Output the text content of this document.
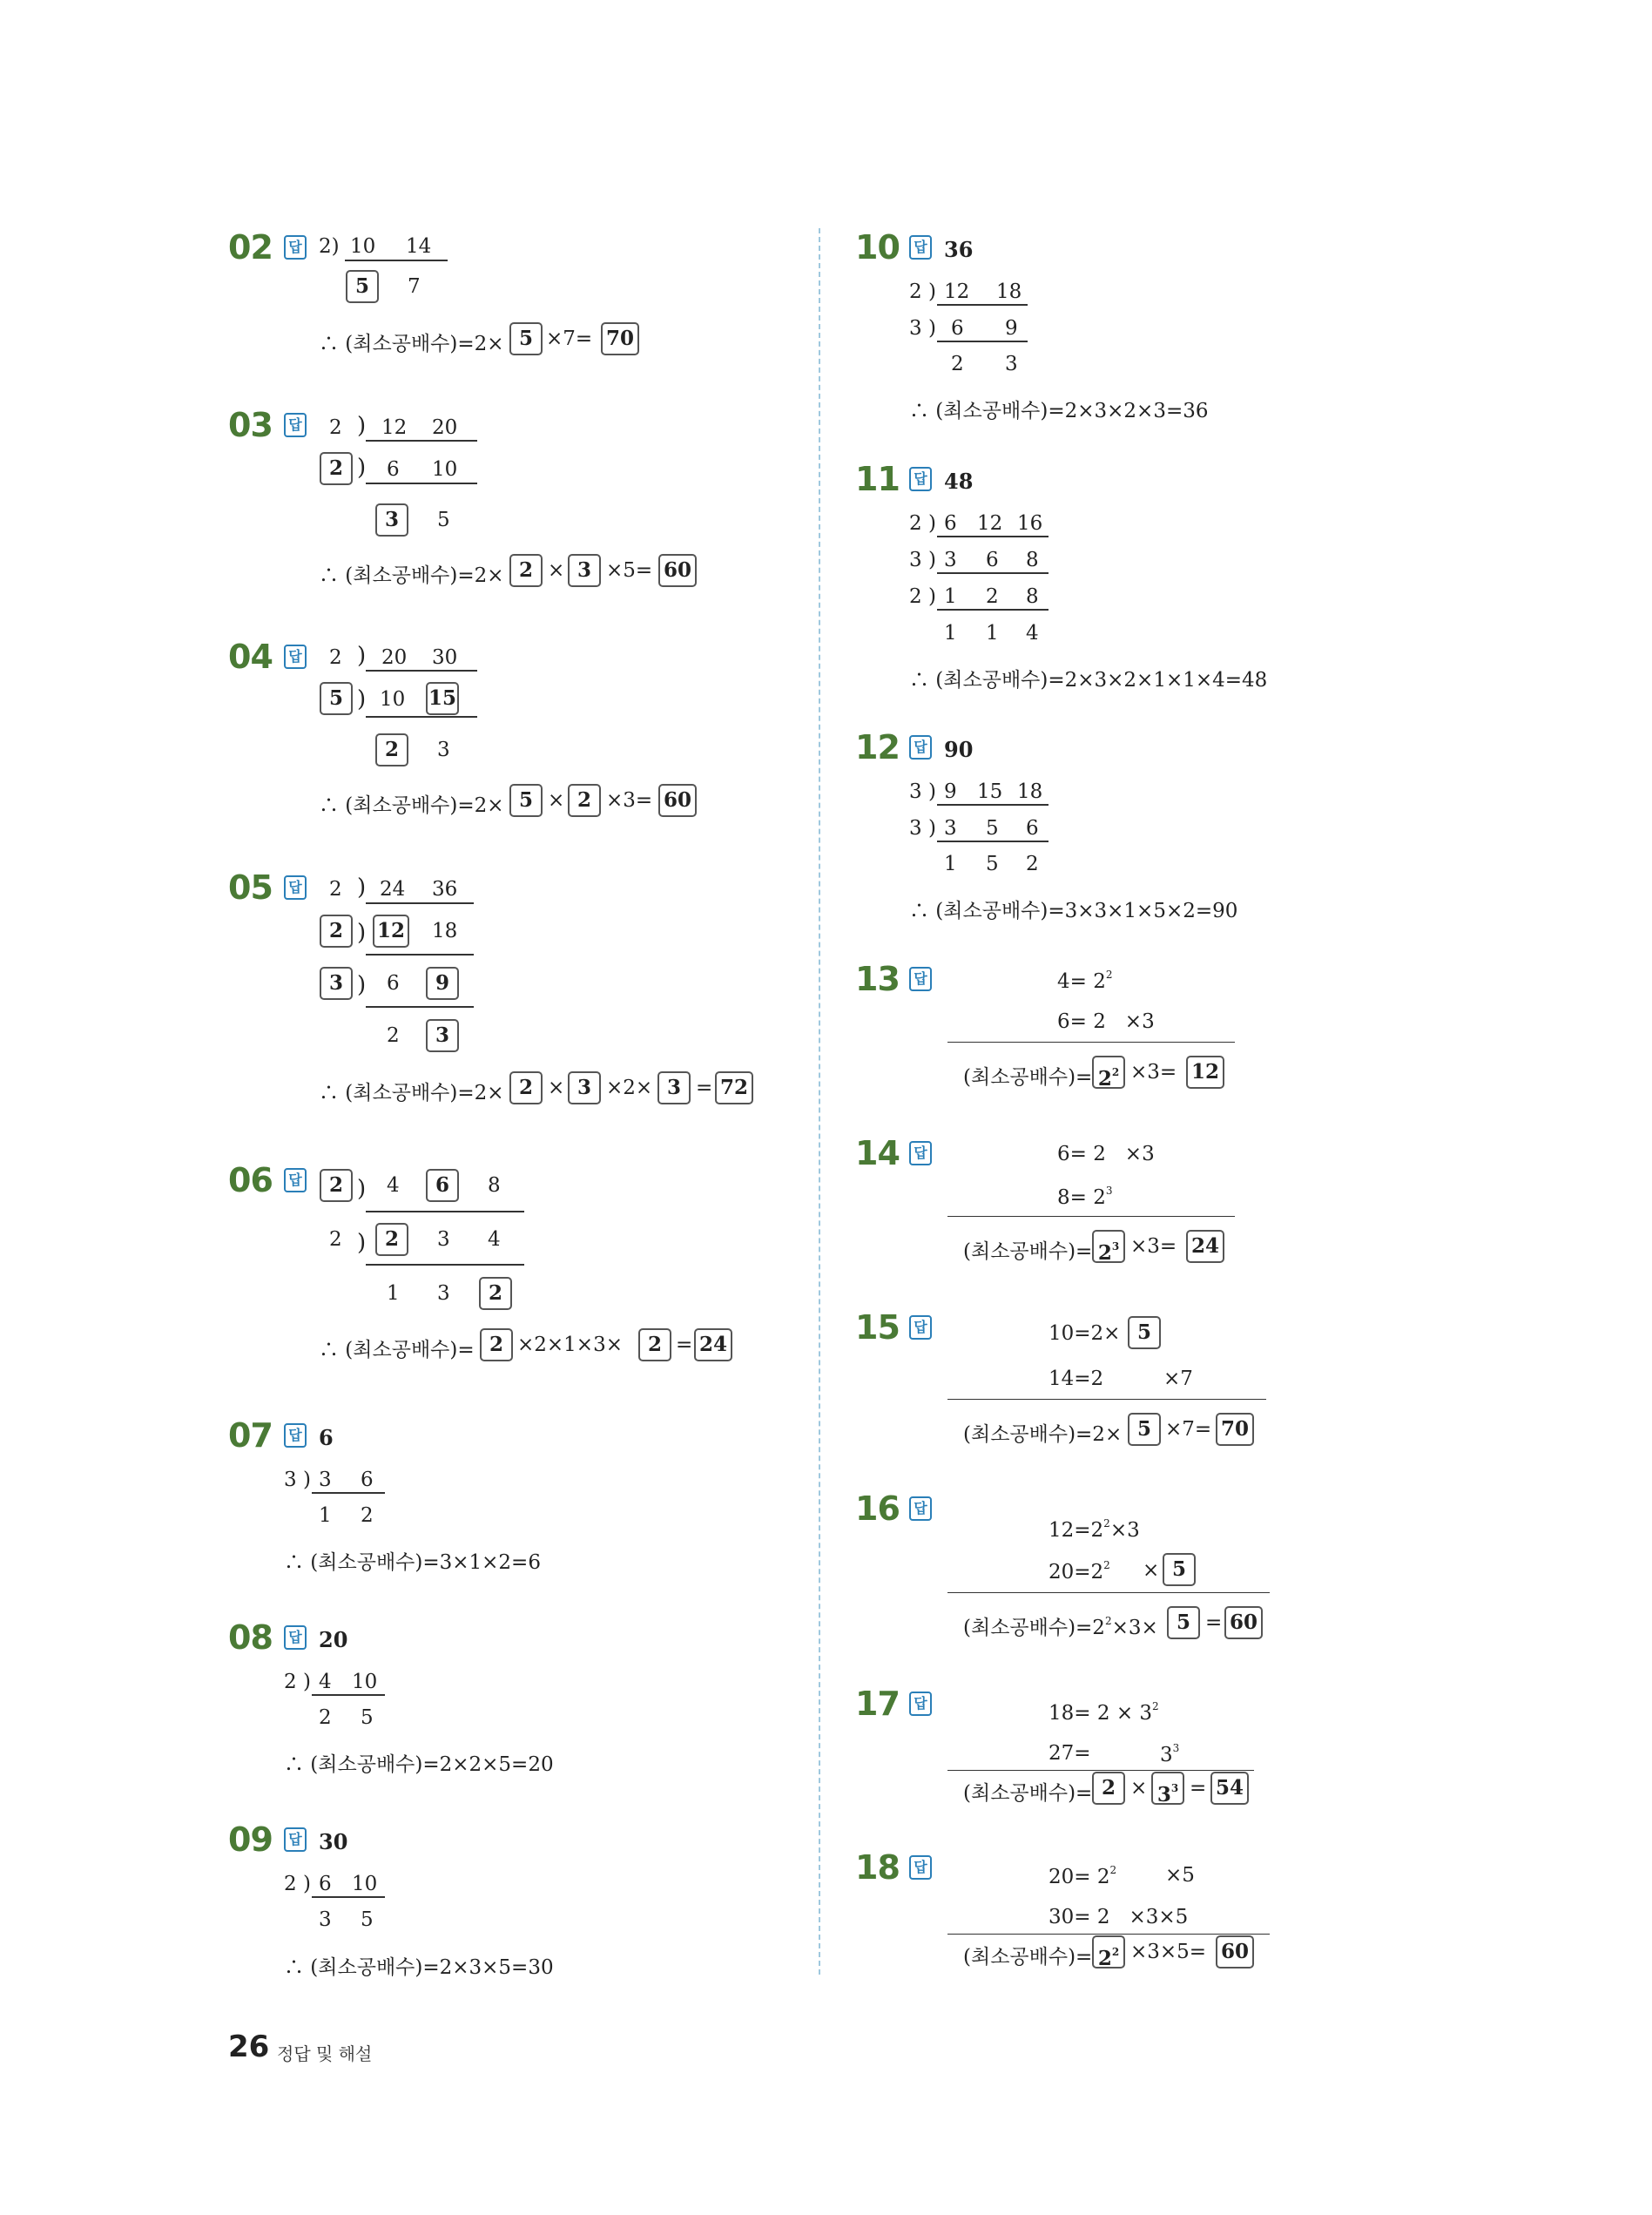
02	답 2) 10 14
5	7
∴ (최소공배수)=2× 5 ×7= 70
03	답 2 ) 12 20
2 ) 6 10
3	5
∴ (최소공배수)=2× 2 × 3 ×5= 60
04	답 2 ) 20 30
5 ) 10 15
2	3
∴ (최소공배수)=2× 5 × 2 ×3= 60
05	답 2 ) 24 36
2 ) 12 18
3 ) 6	9
2	3
∴ (최소공배수)=2× 2 × 3 ×2× 3 = 72
06	답	2 ) 4	6	8
2 ) 2	3 4
1 3	2
∴ (최소공배수)= 2 ×2×1×3×	2 = 24
07	답 6
3 ) 3 6
1 2
∴ (최소공배수)=3×1×2=6
08	답 20
2 ) 4 10
2 5
∴ (최소공배수)=2×2×5=20
09	답 30
2 ) 6 10
3 5
∴ (최소공배수)=2×3×5=30
10	답 36
2 ) 12 18
3 ) 6 9
2 3
∴ (최소공배수)=2×3×2×3=36
11	답 48
2 ) 6 12 16
3 ) 3 6 8
2 ) 1 2 8
1 1 4
∴ (최소공배수)=2×3×2×1×1×4=48
12	답 90
3 ) 9 15 18
3 ) 3 5 6
1 5 2
∴ (최소공배수)=3×3×1×5×2=90
13	답	$4= 2^2$
6= 2 ×3
(최소공배수)= $2^2 \times 3= 12$
14	답	6= 2 ×3
$8= 2^3$
(최소공배수)= $2^3 \times 3= 24$
15	답	10=2× 5
14=2	×7
(최소공배수)=2× 5 ×7= 70
16	답
$12=2^2\times 3$
$20=2^2 \times 5$
(최소공배수)$=2^2\times 3\times 5 = 60$
17	답	$18= 2 \times 3^2$
27=	$3^3$
(최소공배수)= $2 \times 3^3 = 54$
18	답	$20= 2^2 \times 5$
30= 2 ×3×5
(최소공배수)= $2^2 \times 3\times 5= 60$
26 정답 및 해설
